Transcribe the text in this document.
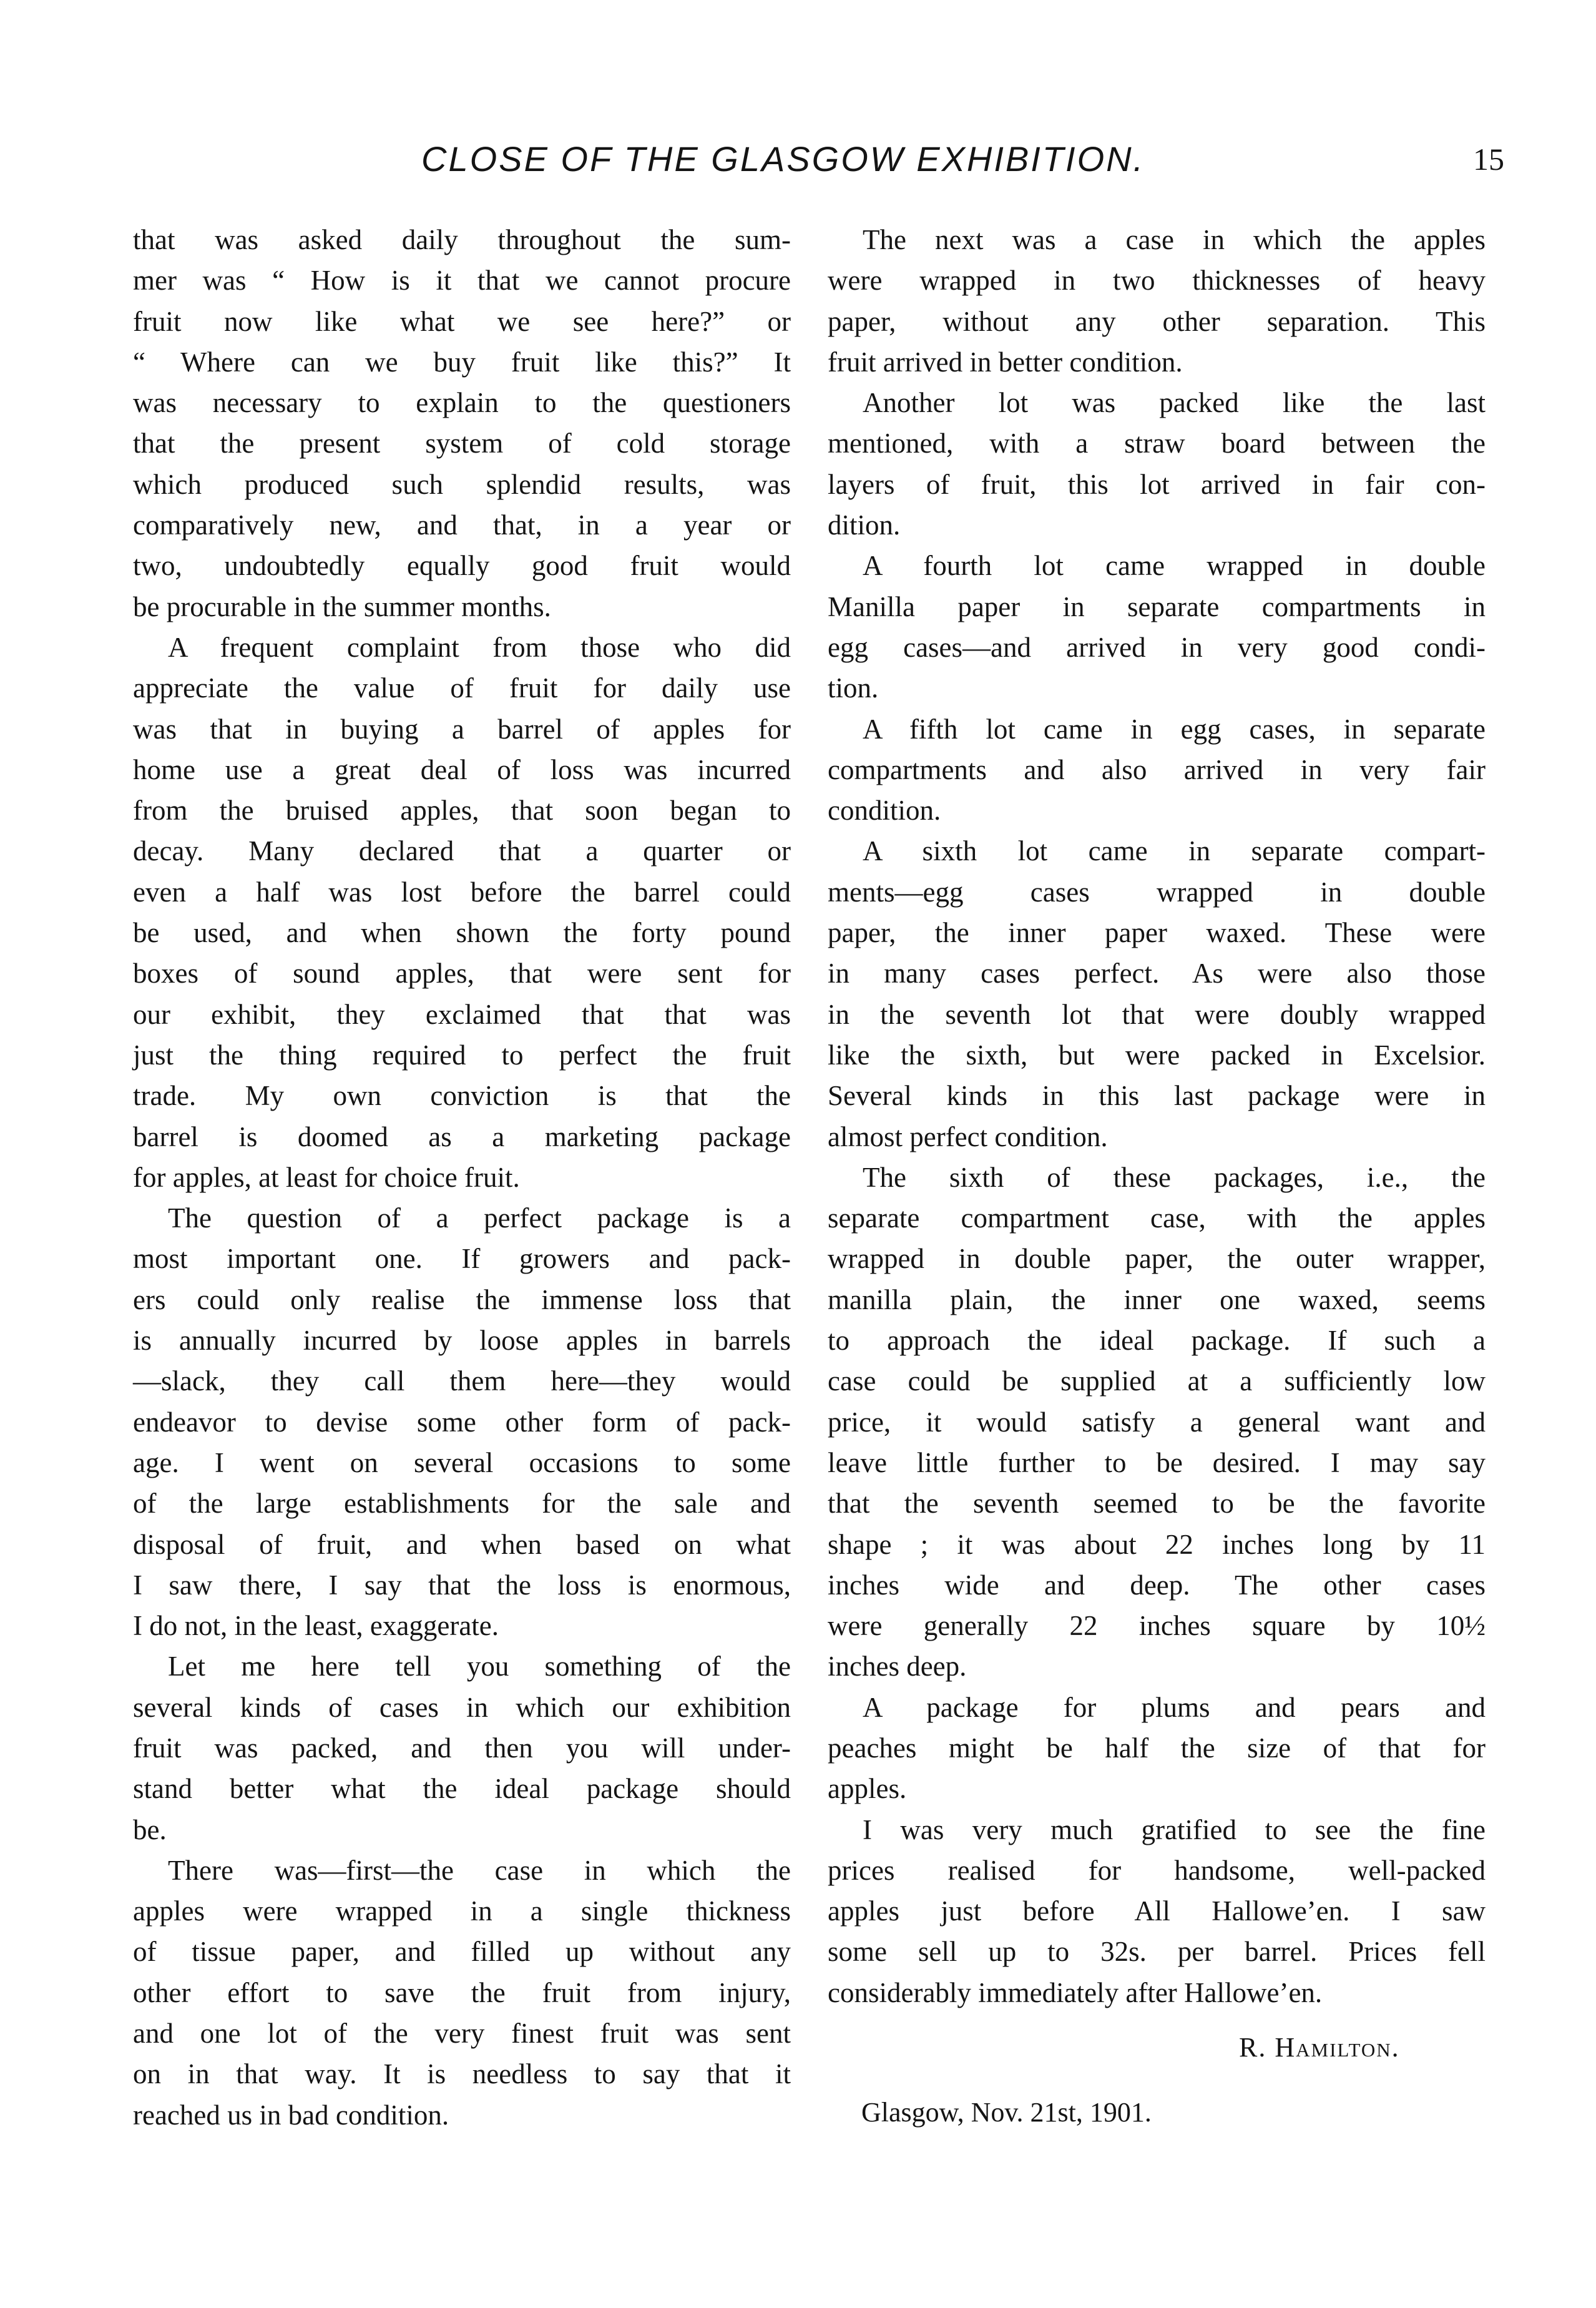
CLOSE OF THE GLASGOW EXHIBITION.	15
that was asked daily throughout the sum-
mer was “ How is it that we cannot procure
fruit now like what we see here?” or
“ Where can we buy fruit like this?” It
was necessary to explain to the questioners
that the present system of cold storage
which produced such splendid results, was
comparatively new, and that, in a year or
two, undoubtedly equally good fruit would
be procurable in the summer months.
A frequent complaint from those who did
appreciate the value of fruit for daily use
was that in buying a barrel of apples for
home use a great deal of loss was incurred
from the bruised apples, that soon began to
decay. Many declared that a quarter or
even a half was lost before the barrel could
be used, and when shown the forty pound
boxes of sound apples, that were sent for
our exhibit, they exclaimed that that was
just the thing required to perfect the fruit
trade. My own conviction is that the
barrel is doomed as a marketing package
for apples, at least for choice fruit.
The question of a perfect package is a
most important one. If growers and pack-
ers could only realise the immense loss that
is annually incurred by loose apples in barrels
—slack, they call them here—they would
endeavor to devise some other form of pack-
age. I went on several occasions to some
of the large establishments for the sale and
disposal of fruit, and when based on what
I saw there, I say that the loss is enormous,
I do not, in the least, exaggerate.
Let me here tell you something of the
several kinds of cases in which our exhibition
fruit was packed, and then you will under-
stand better what the ideal package should
be.
There was—first—the case in which the
apples were wrapped in a single thickness
of tissue paper, and filled up without any
other effort to save the fruit from injury,
and one lot of the very finest fruit was sent
on in that way. It is needless to say that it
reached us in bad condition.
The next was a case in which the apples
were wrapped in two thicknesses of heavy
paper, without any other separation. This
fruit arrived in better condition.
Another lot was packed like the last
mentioned, with a straw board between the
layers of fruit, this lot arrived in fair con-
dition.
A fourth lot came wrapped in double
Manilla paper in separate compartments in
egg cases—and arrived in very good condi-
tion.
A fifth lot came in egg cases, in separate
compartments and also arrived in very fair
condition.
A sixth lot came in separate compart-
ments—egg cases wrapped in double
paper, the inner paper waxed. These were
in many cases perfect. As were also those
in the seventh lot that were doubly wrapped
like the sixth, but were packed in Excelsior.
Several kinds in this last package were in
almost perfect condition.
The sixth of these packages, i.e., the
separate compartment case, with the apples
wrapped in double paper, the outer wrapper,
manilla plain, the inner one waxed, seems
to approach the ideal package. If such a
case could be supplied at a sufficiently low
price, it would satisfy a general want and
leave little further to be desired. I may say
that the seventh seemed to be the favorite
shape ; it was about 22 inches long by 11
inches wide and deep. The other cases
were generally 22 inches square by 10½
inches deep.
A package for plums and pears and
peaches might be half the size of that for
apples.
I was very much gratified to see the fine
prices realised for handsome, well-packed
apples just before All Hallowe’en. I saw
some sell up to 32s. per barrel. Prices fell
considerably immediately after Hallowe’en.
R. Hamilton.
Glasgow, Nov. 21st, 1901.
